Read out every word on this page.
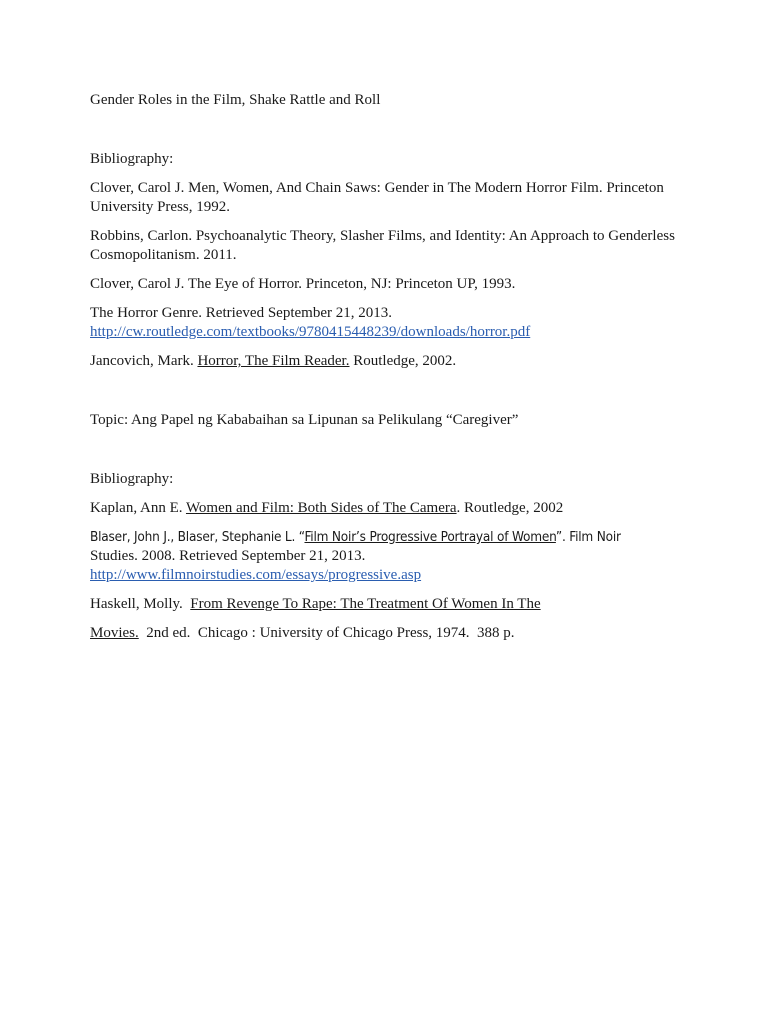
Gender Roles in the Film, Shake Rattle and Roll

Bibliography:

Clover, Carol J. Men, Women, And Chain Saws: Gender in The Modern Horror Film. Princeton University Press, 1992.

Robbins, Carlon. Psychoanalytic Theory, Slasher Films, and Identity: An Approach to Genderless Cosmopolitanism. 2011.

Clover, Carol J. The Eye of Horror. Princeton, NJ: Princeton UP, 1993.

The Horror Genre. Retrieved September 21, 2013.
http://cw.routledge.com/textbooks/9780415448239/downloads/horror.pdf

Jancovich, Mark. Horror, The Film Reader. Routledge, 2002.

Topic: Ang Papel ng Kababaihan sa Lipunan sa Pelikulang “Caregiver”

Bibliography:

Kaplan, Ann E. Women and Film: Both Sides of The Camera. Routledge, 2002

Blaser, John J., Blaser, Stephanie L. “Film Noir’s Progressive Portrayal of Women”. Film Noir
Studies. 2008. Retrieved September 21, 2013.
http://www.filmnoirstudies.com/essays/progressive.asp

Haskell, Molly.  From Revenge To Rape: The Treatment Of Women In The

Movies.  2nd ed.  Chicago : University of Chicago Press, 1974.  388 p.
